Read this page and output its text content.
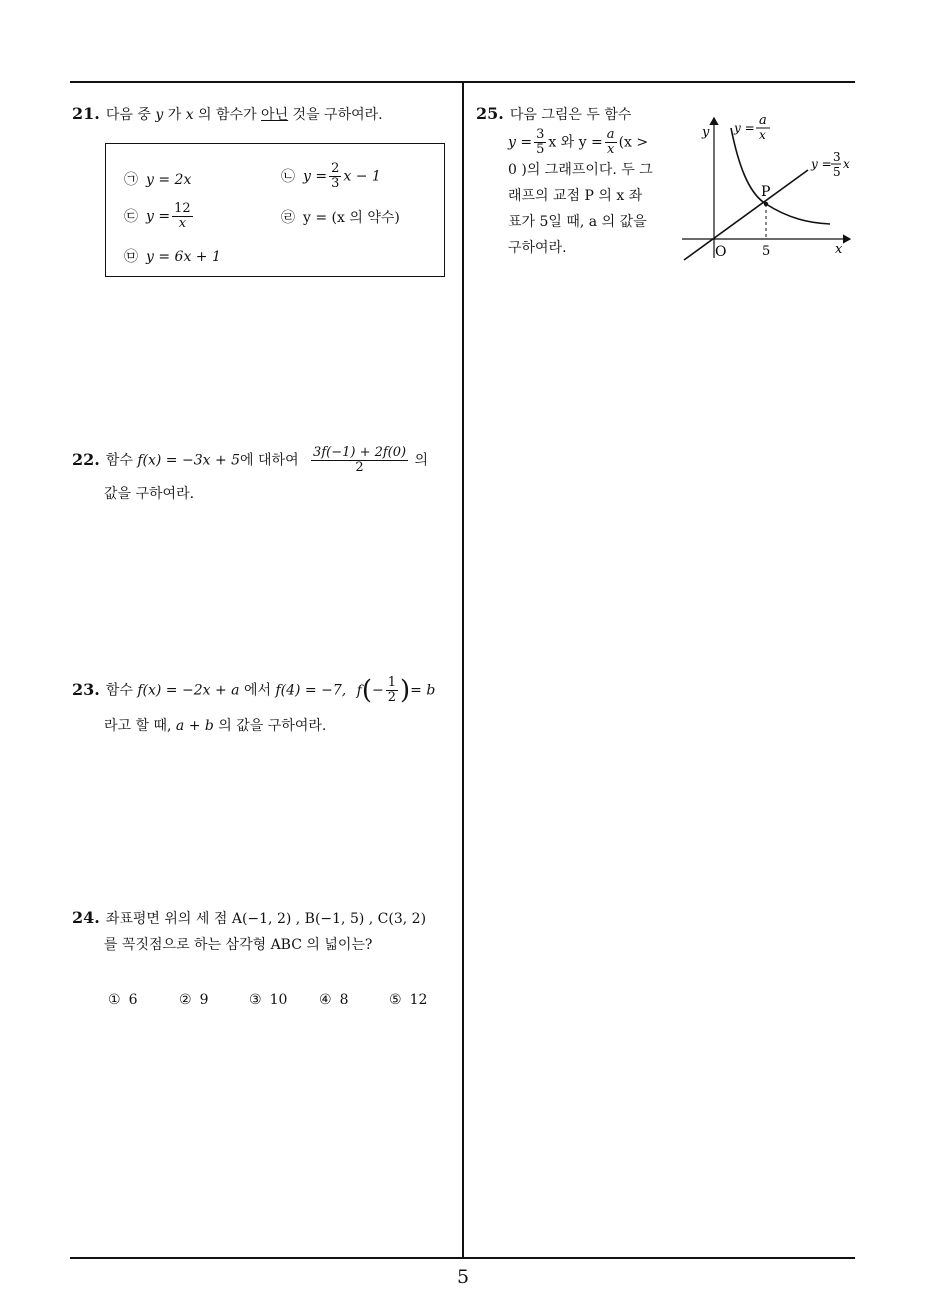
5
21. 다음 중 y 가 x 의 함수가 아닌 것을 구하여라.
㉠ y = 2x	㉡ $y = \frac{2}{3}$ x − 1
㉢ $y = \frac{12}{x}$	㉣ y = (x 의 약수)
㉤ y = 6x + 1
22. 함수 f(x) = −3x + 5에 대하여 $\frac{3f(-1) + 2f(0)}{2}$ 의
값을 구하여라.
23. 함수 f(x) = −2x + a 에서 f(4) = −7, $f(- \frac{1}{2}$ )= b
라고 할 때, a + b 의 값을 구하여라.
24. 좌표평면 위의 세 점 A(−1, 2) , B(−1, 5) , C(3, 2)
를 꼭짓점으로 하는 삼각형 ABC 의 넓이는?
① 6	② 9	③ 10 ④ 8	⑤ 12
25. 다음 그림은 두 함수
$y = \frac{3}{5}$ x 와 $y = \frac{a}{x} (x$ >
0 )의 그래프이다. 두 그
래프의 교점 P 의 x 좌
표가 5일 때, a 의 값을
구하여라.	x
y
O	5
P
y = a
x
y = 3
5
x
